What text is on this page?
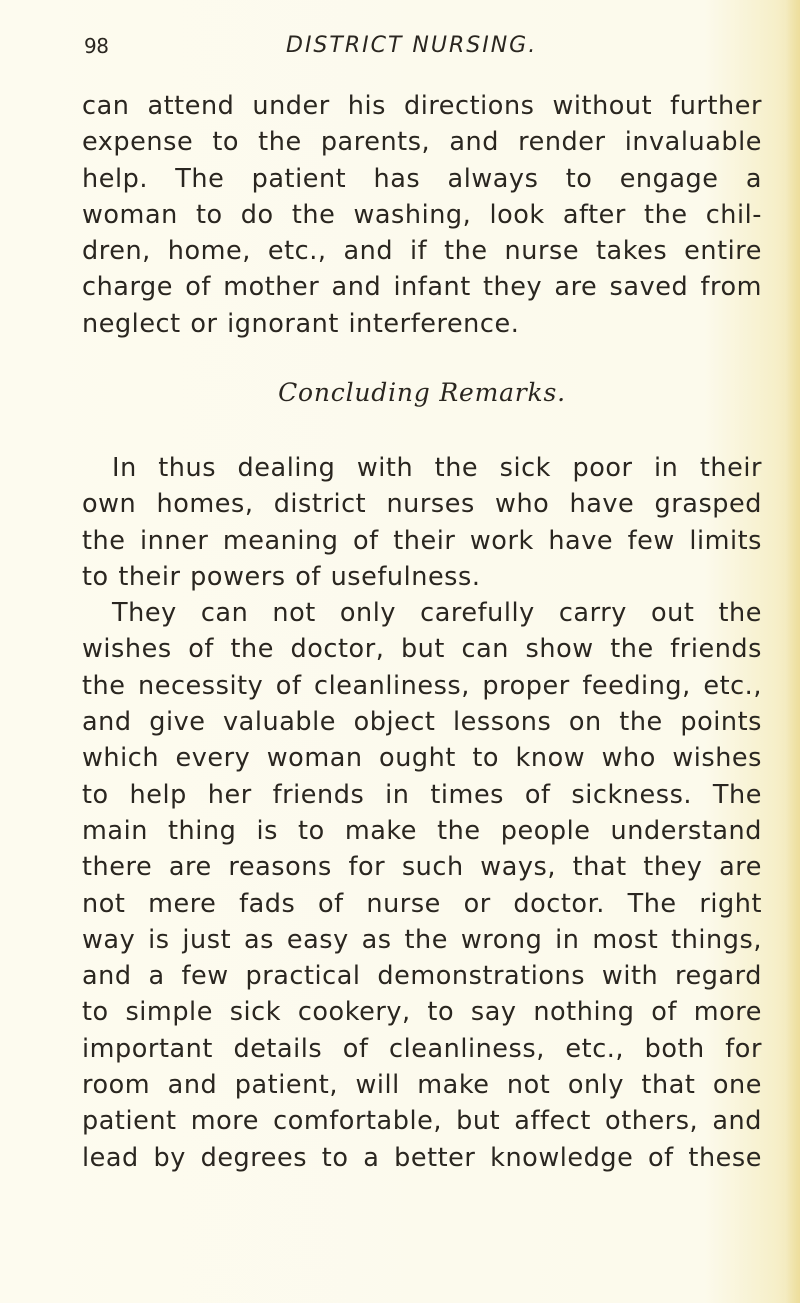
98	DISTRICT NURSING.
can attend under his directions without further
expense to the parents, and render invaluable
help. The patient has always to engage a
woman to do the washing, look after the chil-
dren, home, etc., and if the nurse takes entire
charge of mother and infant they are saved from
neglect or ignorant interference.
Concluding Remarks.
In thus dealing with the sick poor in their
own homes, district nurses who have grasped
the inner meaning of their work have few limits
to their powers of usefulness.
They can not only carefully carry out the
wishes of the doctor, but can show the friends
the necessity of cleanliness, proper feeding, etc.,
and give valuable object lessons on the points
which every woman ought to know who wishes
to help her friends in times of sickness. The
main thing is to make the people understand
there are reasons for such ways, that they are
not mere fads of nurse or doctor. The right
way is just as easy as the wrong in most things,
and a few practical demonstrations with regard
to simple sick cookery, to say nothing of more
important details of cleanliness, etc., both for
room and patient, will make not only that one
patient more comfortable, but affect others, and
lead by degrees to a better knowledge of these
